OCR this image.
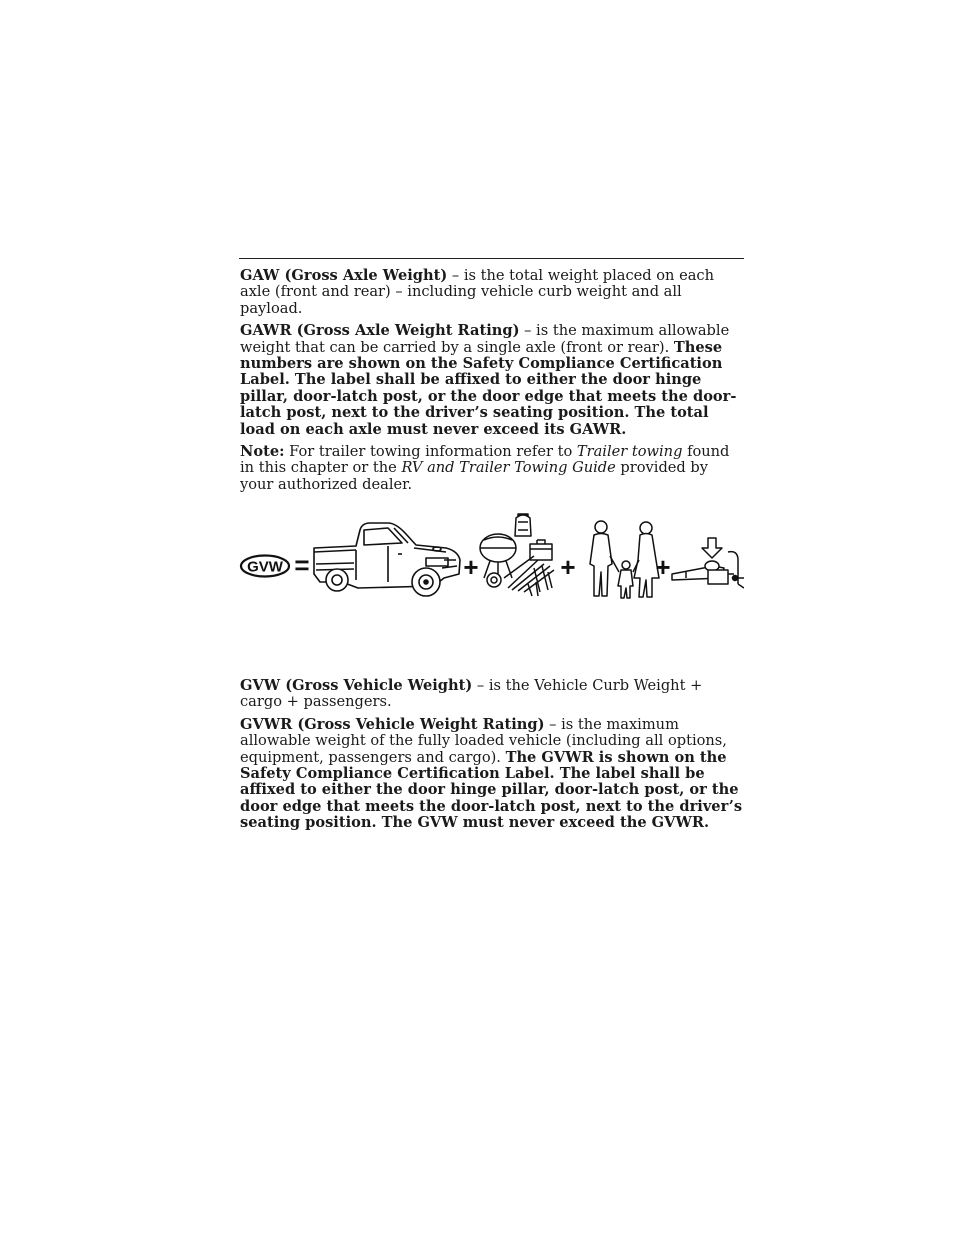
GAW (Gross Axle Weight) – is the total weight placed on each axle (front and rear) – including vehicle curb weight and all payload.

GAWR (Gross Axle Weight Rating) – is the maximum allowable weight that can be carried by a single axle (front or rear). These numbers are shown on the Safety Compliance Certification Label. The label shall be affixed to either the door hinge pillar, door-latch post, or the door edge that meets the door-latch post, next to the driver’s seating position. The total load on each axle must never exceed its GAWR.

Note: For trailer towing information refer to Trailer towing found in this chapter or the RV and Trailer Towing Guide provided by your authorized dealer.

GVW =	+	+	+

GVW (Gross Vehicle Weight) – is the Vehicle Curb Weight + cargo + passengers.

GVWR (Gross Vehicle Weight Rating) – is the maximum allowable weight of the fully loaded vehicle (including all options, equipment, passengers and cargo). The GVWR is shown on the Safety Compliance Certification Label. The label shall be affixed to either the door hinge pillar, door-latch post, or the door edge that meets the door-latch post, next to the driver’s seating position. The GVW must never exceed the GVWR.
